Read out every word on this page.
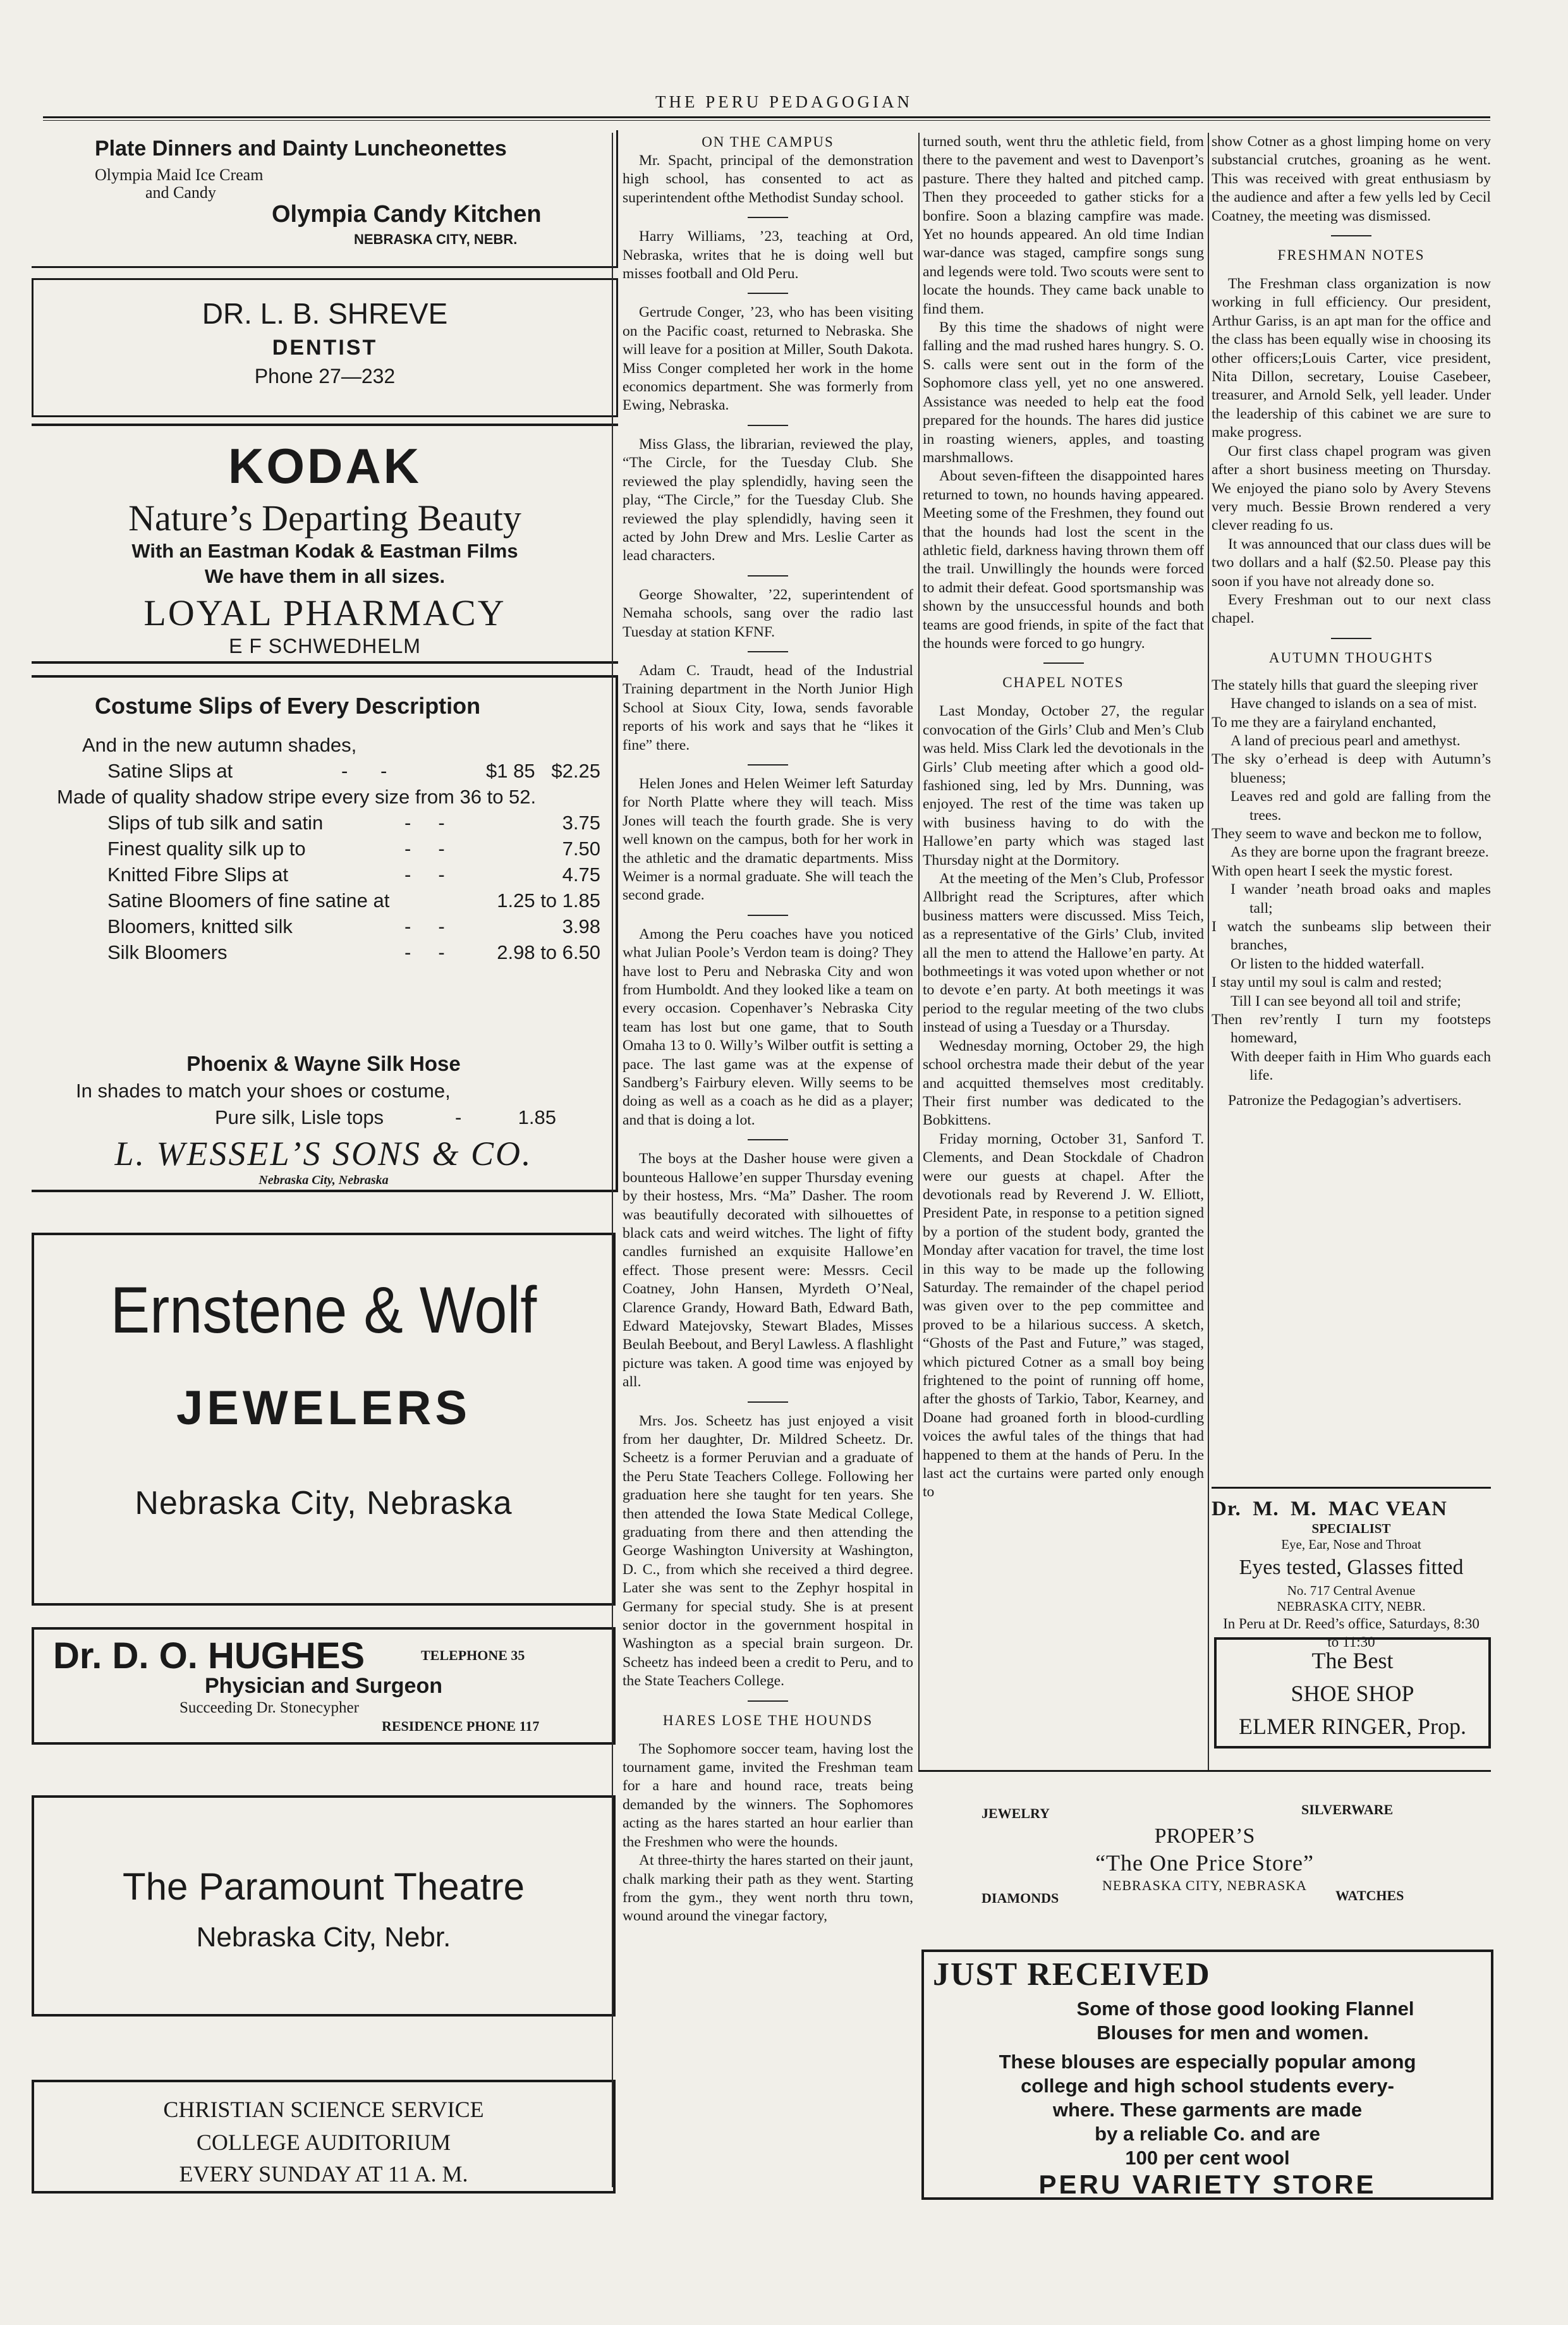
THE PERU PEDAGOGIAN
Plate Dinners and Dainty Luncheonettes
Olympia Maid Ice Cream
and Candy
Olympia Candy Kitchen
NEBRASKA CITY, NEBR.
DR. L. B. SHREVE
DENTIST
Phone 27—232
KODAK
Nature’s Departing Beauty
With an Eastman Kodak & Eastman Films
We have them in all sizes.
LOYAL PHARMACY
E F SCHWEDHELM
Costume Slips of Every Description
And in the new autumn shades,
Satine Slips at	-      -	$1 85   $2.25
Made of quality shadow stripe every size from 36 to 52.
Slips of tub silk and satin	-     -	3.75
Finest quality silk up to	-     -	7.50
Knitted Fibre Slips at	-     -	4.75
Satine Bloomers of fine satine at	1.25 to 1.85
Bloomers, knitted silk	-     -	3.98
Silk Bloomers	-     -	2.98 to 6.50
Phoenix & Wayne Silk Hose
In shades to match your shoes or costume,
Pure silk, Lisle tops	-	1.85
L. WESSEL’S SONS & CO.
Nebraska City, Nebraska
Ernstene & Wolf
JEWELERS
Nebraska City, Nebraska
Dr. D. O. HUGHES	TELEPHONE 35
Physician and Surgeon
Succeeding Dr. Stonecypher
RESIDENCE PHONE 117
The Paramount Theatre
Nebraska City, Nebr.
CHRISTIAN SCIENCE SERVICE
COLLEGE AUDITORIUM
EVERY SUNDAY AT 11 A. M.
ON THE CAMPUS

Mr. Spacht, principal of the demonstration high school, has consented to act as superintendent ofthe Methodist Sunday school.

Harry Williams, ’23, teaching at Ord, Nebraska, writes that he is doing well but misses football and Old Peru.

Gertrude Conger, ’23, who has been visiting on the Pacific coast, returned to Nebraska. She will leave for a position at Miller, South Dakota. Miss Conger completed her work in the home economics department. She was formerly from Ewing, Nebraska.

Miss Glass, the librarian, reviewed the play, “The Circle, for the Tuesday Club. She reviewed the play splendidly, having seen the play, “The Circle,” for the Tuesday Club. She reviewed the play splendidly, having seen it acted by John Drew and Mrs. Leslie Carter as lead characters.

George Showalter, ’22, superintendent of Nemaha schools, sang over the radio last Tuesday at station KFNF.

Adam C. Traudt, head of the Industrial Training department in the North Junior High School at Sioux City, Iowa, sends favorable reports of his work and says that he “likes it fine” there.

Helen Jones and Helen Weimer left Saturday for North Platte where they will teach. Miss Jones will teach the fourth grade. She is very well known on the campus, both for her work in the athletic and the dramatic departments. Miss Weimer is a normal graduate. She will teach the second grade.

Among the Peru coaches have you noticed what Julian Poole’s Verdon team is doing? They have lost to Peru and Nebraska City and won from Humboldt. And they looked like a team on every occasion. Copenhaver’s Nebraska City team has lost but one game, that to South Omaha 13 to 0. Willy’s Wilber outfit is setting a pace. The last game was at the expense of Sandberg’s Fairbury eleven. Willy seems to be doing as well as a coach as he did as a player; and that is doing a lot.

The boys at the Dasher house were given a bounteous Hallowe’en supper Thursday evening by their hostess, Mrs. “Ma” Dasher. The room was beautifully decorated with silhouettes of black cats and weird witches. The light of fifty candles furnished an exquisite Hallowe’en effect. Those present were: Messrs. Cecil Coatney, John Hansen, Myrdeth O’Neal, Clarence Grandy, Howard Bath, Edward Bath, Edward Matejovsky, Stewart Blades, Misses Beulah Beebout, and Beryl Lawless. A flashlight picture was taken. A good time was enjoyed by all.

Mrs. Jos. Scheetz has just enjoyed a visit from her daughter, Dr. Mildred Scheetz. Dr. Scheetz is a former Peruvian and a graduate of the Peru State Teachers College. Following her graduation here she taught for ten years. She then attended the Iowa State Medical College, graduating from there and then attending the George Washington University at Washington, D. C., from which she received a third degree. Later she was sent to the Zephyr hospital in Germany for special study. She is at present senior doctor in the government hospital in Washington as a special brain surgeon. Dr. Scheetz has indeed been a credit to Peru, and to the State Teachers College.

HARES LOSE THE HOUNDS

The Sophomore soccer team, having lost the tournament game, invited the Freshman team for a hare and hound race, treats being demanded by the winners. The Sophomores acting as the hares started an hour earlier than the Freshmen who were the hounds.

At three-thirty the hares started on their jaunt, chalk marking their path as they went. Starting from the gym., they went north thru town, wound around the vinegar factory,

turned south, went thru the athletic field, from there to the pavement and west to Davenport’s pasture. There they halted and pitched camp. Then they proceeded to gather sticks for a bonfire. Soon a blazing campfire was made. Yet no hounds appeared. An old time Indian war-dance was staged, campfire songs sung and legends were told. Two scouts were sent to locate the hounds. They came back unable to find them.

By this time the shadows of night were falling and the mad rushed hares hungry. S. O. S. calls were sent out in the form of the Sophomore class yell, yet no one answered. Assistance was needed to help eat the food prepared for the hounds. The hares did justice in roasting wieners, apples, and toasting marshmallows.

About seven-fifteen the disappointed hares returned to town, no hounds having appeared. Meeting some of the Freshmen, they found out that the hounds had lost the scent in the athletic field, darkness having thrown them off the trail. Unwillingly the hounds were forced to admit their defeat. Good sportsmanship was shown by the unsuccessful hounds and both teams are good friends, in spite of the fact that the hounds were forced to go hungry.

CHAPEL NOTES

Last Monday, October 27, the regular convocation of the Girls’ Club and Men’s Club was held. Miss Clark led the devotionals in the Girls’ Club meeting after which a good old-fashioned sing, led by Mrs. Dunning, was enjoyed. The rest of the time was taken up with business having to do with the Hallowe’en party which was staged last Thursday night at the Dormitory.

At the meeting of the Men’s Club, Professor Allbright read the Scriptures, after which business matters were discussed. Miss Teich, as a representative of the Girls’ Club, invited all the men to attend the Hallowe’en party. At bothmeetings it was voted upon whether or not to devote e’en party. At both meetings it was period to the regular meeting of the two clubs instead of using a Tuesday or a Thursday.

Wednesday morning, October 29, the high school orchestra made their debut of the year and acquitted themselves most creditably. Their first number was dedicated to the Bobkittens.

Friday morning, October 31, Sanford T. Clements, and Dean Stockdale of Chadron were our guests at chapel. After the devotionals read by Reverend J. W. Elliott, President Pate, in response to a petition signed by a portion of the student body, granted the Monday after vacation for travel, the time lost in this way to be made up the following Saturday. The remainder of the chapel period was given over to the pep committee and proved to be a hilarious success. A sketch, “Ghosts of the Past and Future,” was staged, which pictured Cotner as a small boy being frightened to the point of running off home, after the ghosts of Tarkio, Tabor, Kearney, and Doane had groaned forth in blood-curdling voices the awful tales of the things that had happened to them at the hands of Peru. In the last act the curtains were parted only enough to

show Cotner as a ghost limping home on very substancial crutches, groaning as he went. This was received with great enthusiasm by the audience and after a few yells led by Cecil Coatney, the meeting was dismissed.

FRESHMAN NOTES

The Freshman class organization is now working in full efficiency. Our president, Arthur Gariss, is an apt man for the office and the class has been equally wise in choosing its other officers;Louis Carter, vice president, Nita Dillon, secretary, Louise Casebeer, treasurer, and Arnold Selk, yell leader. Under the leadership of this cabinet we are sure to make progress.

Our first class chapel program was given after a short business meeting on Thursday. We enjoyed the piano solo by Avery Stevens very much. Bessie Brown rendered a very clever reading fo us.

It was announced that our class dues will be two dollars and a half ($2.50. Please pay this soon if you have not already done so.

Every Freshman out to our next class chapel.

AUTUMN THOUGHTS
The stately hills that guard the sleeping river
Have changed to islands on a sea of mist.
To me they are a fairyland enchanted,
A land of precious pearl and amethyst.
The sky o’erhead is deep with Autumn’s blueness;
Leaves red and gold are falling from the trees.
They seem to wave and beckon me to follow,
As they are borne upon the fragrant breeze.
With open heart I seek the mystic forest.
I wander ’neath broad oaks and maples tall;
I watch the sunbeams slip between their branches,
Or listen to the hidded waterfall.
I stay until my soul is calm and rested;
Till I can see beyond all toil and strife;
Then rev’rently I turn my footsteps homeward,
With deeper faith in Him Who guards each life.

Patronize the Pedagogian’s advertisers.

Dr.  M.  M.  MAC VEAN
SPECIALIST
Eye, Ear, Nose and Throat
Eyes tested, Glasses fitted
No. 717 Central Avenue
NEBRASKA CITY, NEBR.
In Peru at Dr. Reed’s office, Saturdays, 8:30 to 11:30
The Best
SHOE SHOP
ELMER RINGER, Prop.
JEWELRY	SILVERWARE
PROPER’S
“The One Price Store”
NEBRASKA CITY, NEBRASKA
DIAMONDS	WATCHES
JUST RECEIVED
Some of those good looking Flannel
Blouses for men and women.
These blouses are especially popular among
college and high school students every-
where. These garments are made
by a reliable Co. and are
100 per cent wool
PERU VARIETY STORE
